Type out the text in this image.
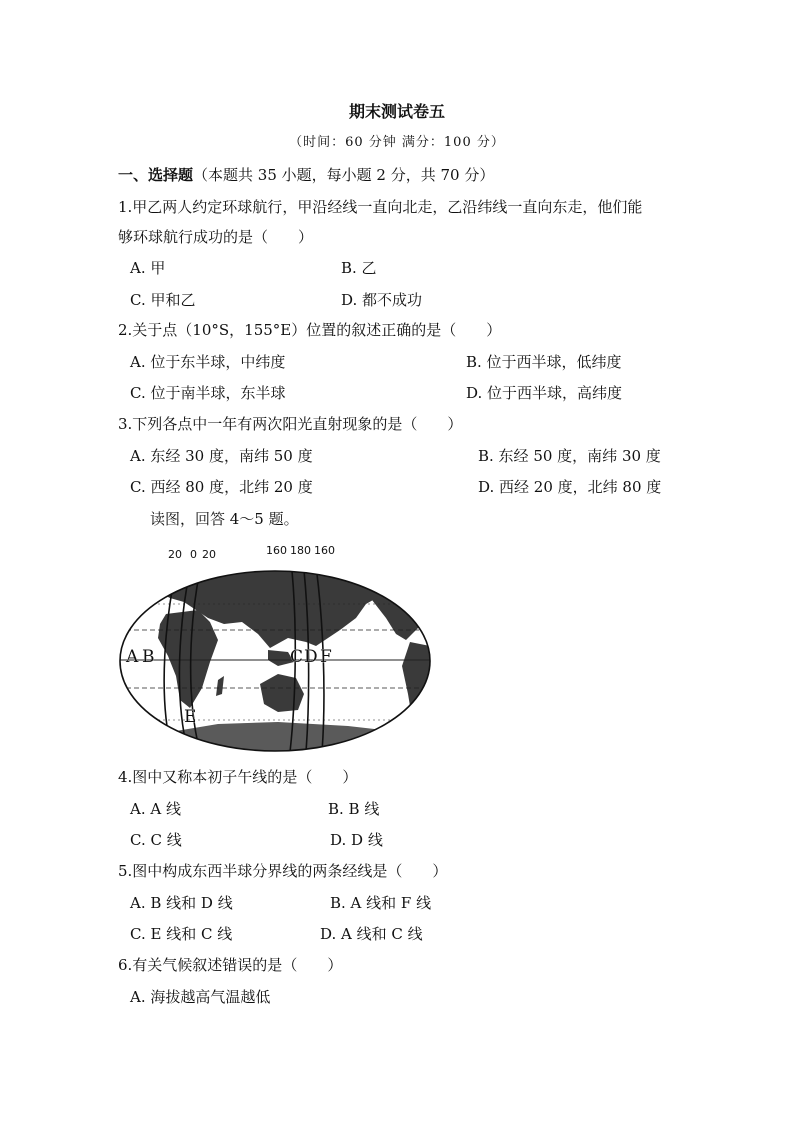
期末测试卷五
（时间：60 分钟 满分：100 分）
一、选择题（本题共 35 小题，每小题 2 分，共 70 分）
1.甲乙两人约定环球航行，甲沿经线一直向北走，乙沿纬线一直向东走，他们能
够环球航行成功的是（　　）
A. 甲	B. 乙
C. 甲和乙	D. 都不成功
2.关于点（10°S，155°E）位置的叙述正确的是（　　）
A. 位于东半球，中纬度	B. 位于西半球，低纬度
C. 位于南半球，东半球	D. 位于西半球，高纬度
3.下列各点中一年有两次阳光直射现象的是（　　）
A. 东经 30 度，南纬 50 度	B. 东经 50 度，南纬 30 度
C. 西经 80 度，北纬 20 度	D. 西经 20 度，北纬 80 度
读图，回答 4～5 题。
20 0 20	160 180 160
A B	C D F
E
4.图中又称本初子午线的是（　　）
A. A 线	B. B 线
C. C 线	D. D 线
5.图中构成东西半球分界线的两条经线是（　　）
A. B 线和 D 线	B. A 线和 F 线
C. E 线和 C 线	D. A 线和 C 线
6.有关气候叙述错误的是（　　）
A. 海拔越高气温越低
